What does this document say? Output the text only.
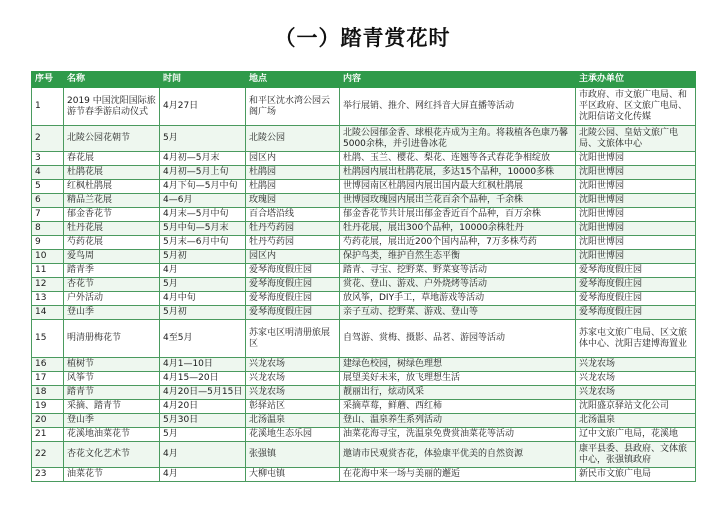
（一）踏青赏花时
序号	名称	时间	地点	内容	主承办单位
1	2019 中国沈阳国际旅游节春季游启动仪式	4月27日	和平区沈水湾公园云阁广场	举行展销、推介、网红抖音大屏直播等活动	市政府、市文旅广电局、和平区政府、区文旅广电局、沈阳信诺文化传媒
2	北陵公园花朝节	5月	北陵公园	北陵公园郁金香、球根花卉成为主角。将栽植各色康乃馨5000余株，并引进鲁冰花	北陵公园、皇姑文旅广电局、文旅体中心
3	春花展	4月初—5月末	园区内	杜鹃、玉兰、樱花、梨花、连翘等各式春花争相绽放	沈阳世博园
4	杜鹃花展	4月初—5月上旬	杜鹃园	杜鹃园内展出杜鹃花展，多达15个品种，10000多株	沈阳世博园
5	红枫杜鹃展	4月下旬—5月中旬	杜鹃园	世博园南区杜鹃园内展出国内最大红枫杜鹃展	沈阳世博园
6	精品兰花展	4—6月	玫瑰园	世博园玫瑰园内展出兰花百余个品种，千余株	沈阳世博园
7	郁金香花节	4月末—5月中旬	百合塔沿线	郁金香花节共计展出郁金香近百个品种，百万余株	沈阳世博园
8	牡丹花展	5月中旬—5月末	牡丹芍药园	牡丹花展，展出300个品种，10000余株牡丹	沈阳世博园
9	芍药花展	5月末—6月中旬	牡丹芍药园	芍药花展，展出近200个国内品种，7万多株芍药	沈阳世博园
10	爱鸟周	5月初	园区内	保护鸟类，维护自然生态平衡	沈阳世博园
11	踏青季	4月	爱琴海度假庄园	踏青、寻宝、挖野菜、野菜宴等活动	爱琴海度假庄园
12	杏花节	5月	爱琴海度假庄园	赏花、登山、游戏、户外烧烤等活动	爱琴海度假庄园
13	户外活动	4月中旬	爱琴海度假庄园	放风筝，DIY手工，草地游戏等活动	爱琴海度假庄园
14	登山季	5月初	爱琴海度假庄园	亲子互动、挖野菜、游戏、登山等	爱琴海度假庄园
15	明清册梅花节	4至5月	苏家屯区明清册旅展区	自驾游、赏梅、摄影、品茗、游园等活动	苏家屯文旅广电局、区文旅体中心、沈阳吉建博海置业
16	植树节	4月1—10日	兴龙农场	建绿色校园，树绿色理想	兴龙农场
17	风筝节	4月15—20日	兴龙农场	展望美好未来，放飞理想生活	兴龙农场
18	踏青节	4月20日—5月15日	兴龙农场	靓丽出行，炫动风采	兴龙农场
19	采摘、踏青节	4月20日	彰驿站区	采摘草莓，鲜蘑、西红柿	沈阳盛京驿站文化公司
20	登山季	5月30日	北汤温泉	登山、温泉养生系列活动	北汤温泉
21	花溪地油菜花节	5月	花溪地生态乐园	油菜花海寻宝，洗温泉免费赏油菜花等活动	辽中文旅广电局，花溪地
22	杏花文化艺术节	4月	张强镇	邀请市民观赏杏花，体验康平优美的自然资源	康平县委、县政府、文体旅中心，张强镇政府
23	油菜花节	4月	大柳屯镇	在花海中来一场与美丽的邂逅	新民市文旅广电局
